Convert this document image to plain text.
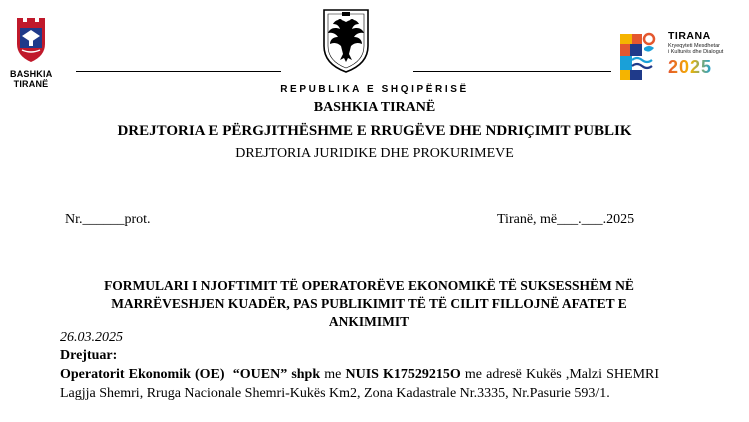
BASHKIA
TIRANË
TIRANA
Kryeqyteti Mesdhetar
i Kulturës dhe Dialogut
2025
REPUBLIKA E SHQIPËRISË
BASHKIA TIRANË
DREJTORIA E PËRGJITHËSHME E RRUGËVE DHE NDRIÇIMIT PUBLIK
DREJTORIA JURIDIKE DHE PROKURIMEVE
Nr.______prot.	Tiranë, më___.___.2025
FORMULARI I NJOFTIMIT TË OPERATORËVE EKONOMIKË TË SUKSESSHËM NË
MARRËVESHJEN KUADËR, PAS PUBLIKIMIT TË TË CILIT FILLOJNË AFATET E
ANKIMIMIT
26.03.2025
Drejtuar:
Operatorit Ekonomik (OE) “OUEN” shpk me NUIS K17529215O me adresë Kukës ,Malzi SHEMRI Lagjja Shemri, Rruga Nacionale Shemri-Kukës Km2, Zona Kadastrale Nr.3335, Nr.Pasurie 593/1.
